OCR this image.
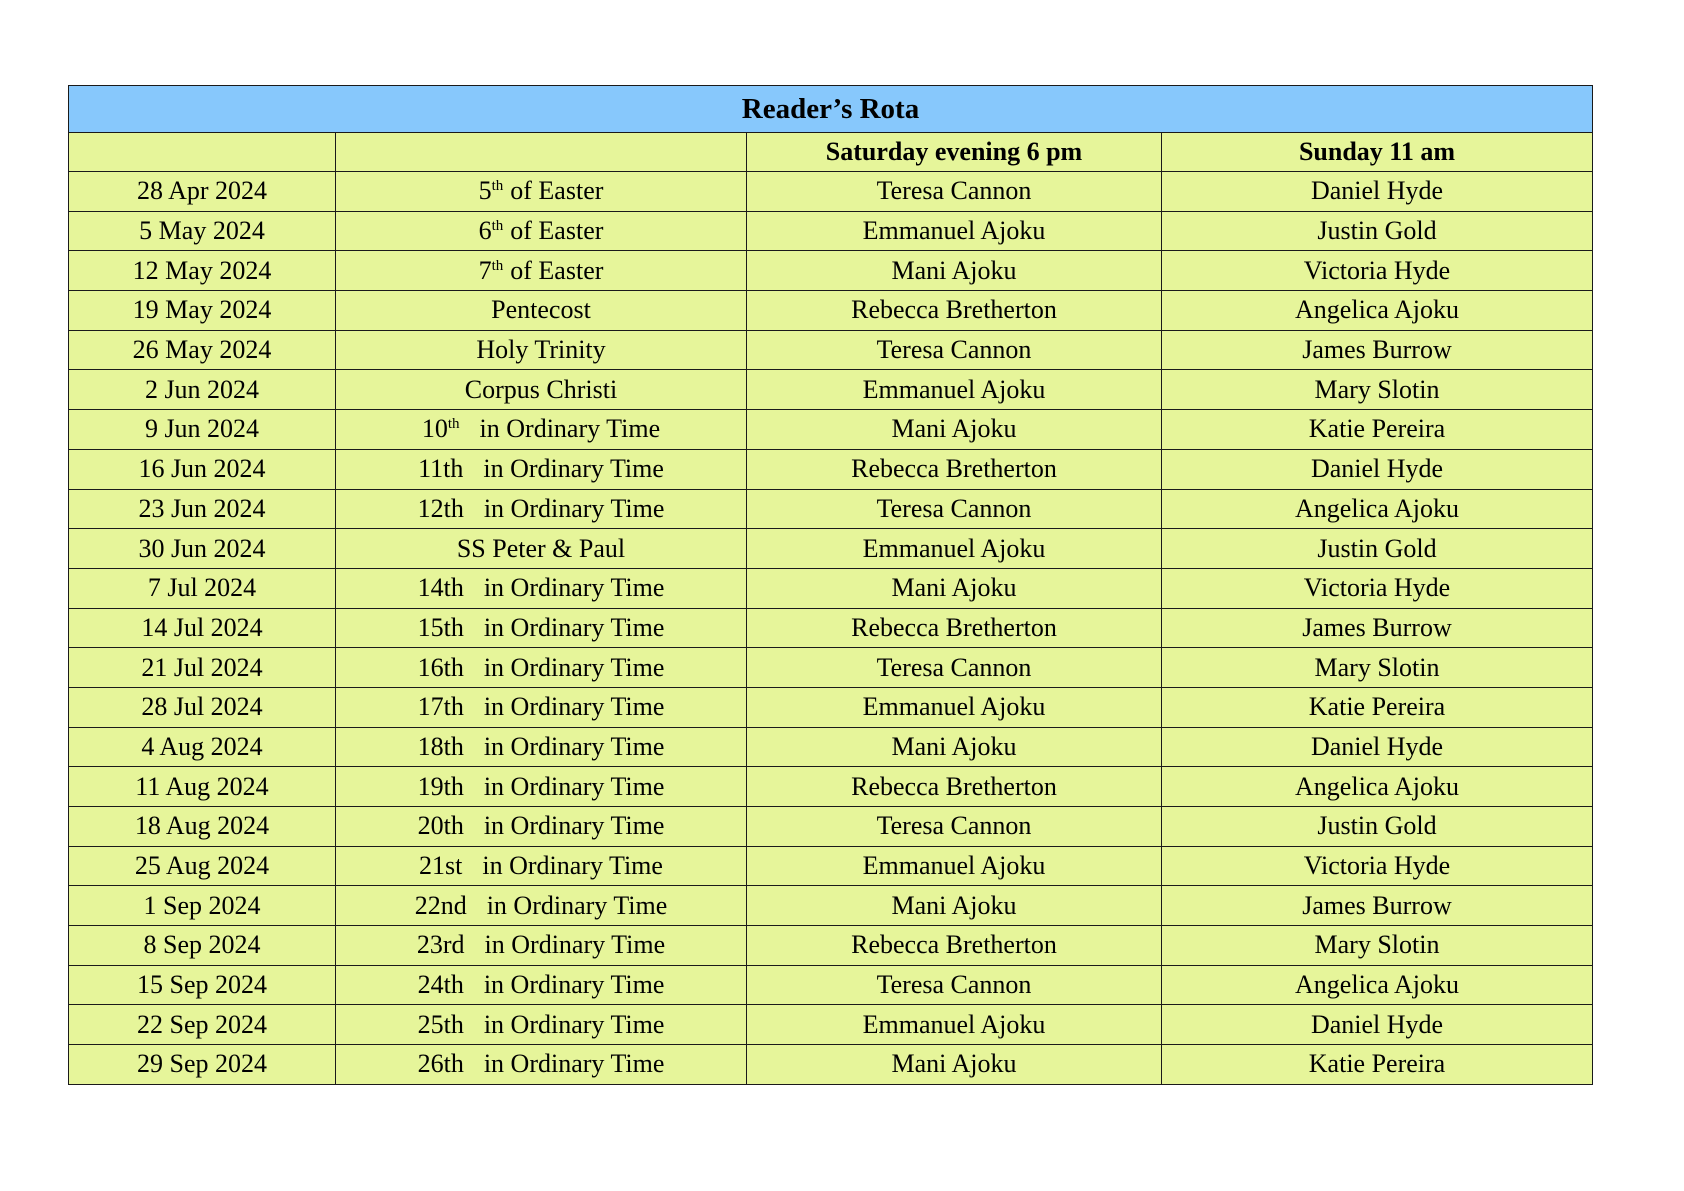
Reader’s Rota			
		Saturday evening 6 pm	Sunday 11 am
28 Apr 2024	5th of Easter	Teresa Cannon	Daniel Hyde
5 May 2024	6th of Easter	Emmanuel Ajoku	Justin Gold
12 May 2024	7th of Easter	Mani Ajoku	Victoria Hyde
19 May 2024	Pentecost	Rebecca Bretherton	Angelica Ajoku
26 May 2024	Holy Trinity	Teresa Cannon	James Burrow
2 Jun 2024	Corpus Christi	Emmanuel Ajoku	Mary Slotin
9 Jun 2024	10th in Ordinary Time	Mani Ajoku	Katie Pereira
16 Jun 2024	11th in Ordinary Time	Rebecca Bretherton	Daniel Hyde
23 Jun 2024	12th in Ordinary Time	Teresa Cannon	Angelica Ajoku
30 Jun 2024	SS Peter & Paul	Emmanuel Ajoku	Justin Gold
7 Jul 2024	14th in Ordinary Time	Mani Ajoku	Victoria Hyde
14 Jul 2024	15th in Ordinary Time	Rebecca Bretherton	James Burrow
21 Jul 2024	16th in Ordinary Time	Teresa Cannon	Mary Slotin
28 Jul 2024	17th in Ordinary Time	Emmanuel Ajoku	Katie Pereira
4 Aug 2024	18th in Ordinary Time	Mani Ajoku	Daniel Hyde
11 Aug 2024	19th in Ordinary Time	Rebecca Bretherton	Angelica Ajoku
18 Aug 2024	20th in Ordinary Time	Teresa Cannon	Justin Gold
25 Aug 2024	21st in Ordinary Time	Emmanuel Ajoku	Victoria Hyde
1 Sep 2024	22nd in Ordinary Time	Mani Ajoku	James Burrow
8 Sep 2024	23rd in Ordinary Time	Rebecca Bretherton	Mary Slotin
15 Sep 2024	24th in Ordinary Time	Teresa Cannon	Angelica Ajoku
22 Sep 2024	25th in Ordinary Time	Emmanuel Ajoku	Daniel Hyde
29 Sep 2024	26th in Ordinary Time	Mani Ajoku	Katie Pereira
